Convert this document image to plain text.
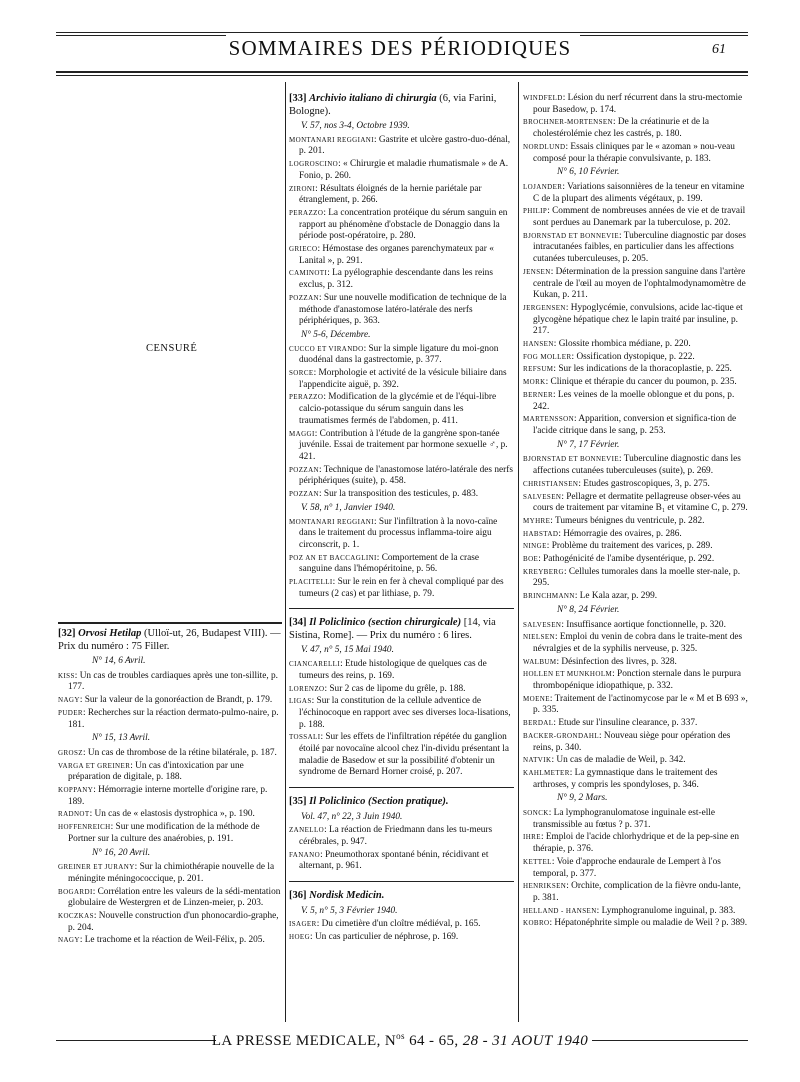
SOMMAIRES DES PÉRIODIQUES	61
CENSURÉ
[32] Orvosi Hetilap (Ulloï-ut, 26, Budapest VIII). — Prix du numéro : 75 Filler.
N° 14, 6 Avril.
KISS: Un cas de troubles cardiaques après une ton-sillite, p. 177.
NAGY: Sur la valeur de la gonoréaction de Brandt, p. 179.
PUDER: Recherches sur la réaction dermato-pulmo-naire, p. 181.
N° 15, 13 Avril.
GROSZ: Un cas de thrombose de la rétine bilatérale, p. 187.
VARGA ET GREINER: Un cas d'intoxication par une préparation de digitale, p. 188.
KOPPANY: Hémorragie interne mortelle d'origine rare, p. 189.
RADNOT: Un cas de « elastosis dystrophica », p. 190.
HOFFENREICH: Sur une modification de la méthode de Portner sur la culture des anaérobies, p. 191.
N° 16, 20 Avril.
GREINER ET JURANY: Sur la chimiothérapie nouvelle de la méningite méningococcique, p. 201.
BOGARDI: Corrélation entre les valeurs de la sédi-mentation globulaire de Westergren et de Linzen-meier, p. 203.
KOCZKAS: Nouvelle construction d'un phonocardio-graphe, p. 204.
NAGY: Le trachome et la réaction de Weil-Félix, p. 205.
[33] Archivio italiano di chirurgia (6, via Farini, Bologne).
V. 57, nos 3-4, Octobre 1939.
MONTANARI REGGIANI: Gastrite et ulcère gastro-duo-dénal, p. 201.
LOGROSCINO: « Chirurgie et maladie rhumatismale » de A. Fonio, p. 260.
ZIRONI: Résultats éloignés de la hernie pariétale par étranglement, p. 266.
PERAZZO: La concentration protéique du sérum sanguin en rapport au phénomène d'obstacle de Donaggio dans la période post-opératoire, p. 280.
GRIECO: Hémostase des organes parenchymateux par « Lanital », p. 291.
CAMINOTI: La pyélographie descendante dans les reins exclus, p. 312.
POZZAN: Sur une nouvelle modification de technique de la méthode d'anastomose latéro-latérale des nerfs périphériques, p. 363.
N° 5-6, Décembre.
CUCCO ET VIRANDO: Sur la simple ligature du moi-gnon duodénal dans la gastrectomie, p. 377.
SORCE: Morphologie et activité de la vésicule biliaire dans l'appendicite aiguë, p. 392.
PERAZZO: Modification de la glycémie et de l'équi-libre calcio-potassique du sérum sanguin dans les traumatismes fermés de l'abdomen, p. 411.
MAGGI: Contribution à l'étude de la gangrène spon-tanée juvénile. Essai de traitement par hormone sexuelle ♂, p. 421.
POZZAN: Technique de l'anastomose latéro-latérale des nerfs périphériques (suite), p. 458.
POZZAN: Sur la transposition des testicules, p. 483.
V. 58, n° 1, Janvier 1940.
MONTANARI REGGIANI: Sur l'infiltration à la novo-caïne dans le traitement du processus inflamma-toire aigu circonscrit, p. 1.
POZ AN ET BACCAGLINI: Comportement de la crase sanguine dans l'hémopéritoine, p. 56.
PLACITELLI: Sur le rein en fer à cheval compliqué par des tumeurs (2 cas) et par lithiase, p. 79.
[34] Il Policlinico (section chirurgicale) [14, via Sistina, Rome]. — Prix du numéro : 6 lires.
V. 47, n° 5, 15 Mai 1940.
CIANCARELLI: Etude histologique de quelques cas de tumeurs des reins, p. 169.
LORENZO: Sur 2 cas de lipome du grêle, p. 188.
LIGAS: Sur la constitution de la cellule adventice de l'échinocoque en rapport avec ses diverses loca-lisations, p. 188.
TOSSALI: Sur les effets de l'infiltration répétée du ganglion étoilé par novocaïne alcool chez l'in-dividu présentant la maladie de Basedow et sur la possibilité d'obtenir un syndrome de Bernard Horner croisé, p. 207.
[35] Il Policlinico (Section pratique).
Vol. 47, n° 22, 3 Juin 1940.
ZANELLO: La réaction de Friedmann dans les tu-meurs cérébrales, p. 947.
FANANO: Pneumothorax spontané bénin, récidivant et alternant, p. 961.
[36] Nordisk Medicin.
V. 5, n° 5, 3 Février 1940.
ISAGER: Du cimetière d'un cloître médiéval, p. 165.
HOEG: Un cas particulier de néphrose, p. 169.
WINDFELD: Lésion du nerf récurrent dans la stru-mectomie pour Basedow, p. 174.
BROCHNER-MORTENSEN: De la créatinurie et de la cholestérolémie chez les castrés, p. 180.
NORDLUND: Essais cliniques par le « azoman » nou-veau composé pour la thérapie convulsivante, p. 183.
N° 6, 10 Février.
LOJANDER: Variations saisonnières de la teneur en vitamine C de la plupart des aliments végétaux, p. 199.
PHILIP: Comment de nombreuses années de vie et de travail sont perdues au Danemark par la tuberculose, p. 202.
BJORNSTAD ET BONNEVIE: Tuberculine diagnostic par doses intracutanées faibles, en particulier dans les affections cutanées tuberculeuses, p. 205.
JENSEN: Détermination de la pression sanguine dans l'artère centrale de l'œil au moyen de l'ophtalmodynamomètre de Kukan, p. 211.
JERGENSEN: Hypoglycémie, convulsions, acide lac-tique et glycogène hépatique chez le lapin traité par insuline, p. 217.
HANSEN: Glossite rhombica médiane, p. 220.
FOG MOLLER: Ossification dystopique, p. 222.
REFSUM: Sur les indications de la thoracoplastie, p. 225.
MORK: Clinique et thérapie du cancer du poumon, p. 235.
BERNER: Les veines de la moelle oblongue et du pons, p. 242.
MARTENSSON: Apparition, conversion et significa-tion de l'acide citrique dans le sang, p. 253.
N° 7, 17 Février.
BJORNSTAD ET BONNEVIE: Tuberculine diagnostic dans les affections cutanées tuberculeuses (suite), p. 269.
CHRISTIANSEN: Etudes gastroscopiques, 3, p. 275.
SALVESEN: Pellagre et dermatite pellagreuse obser-vées au cours de traitement par vitamine B₁ et vitamine C, p. 279.
MYHRE: Tumeurs bénignes du ventricule, p. 282.
HABSTAD: Hémorragie des ovaires, p. 286.
NINGE: Problème du traitement des varices, p. 289.
BOE: Pathogénicité de l'amibe dysentérique, p. 292.
KREYBERG: Cellules tumorales dans la moelle ster-nale, p. 295.
BRINCHMANN: Le Kala azar, p. 299.
N° 8, 24 Février.
SALVESEN: Insuffisance aortique fonctionnelle, p. 320.
NIELSEN: Emploi du venin de cobra dans le traite-ment des névralgies et de la syphilis nerveuse, p. 325.
WALBUM: Désinfection des livres, p. 328.
HOLLEN ET MUNKHOLM: Ponction sternale dans le purpura thrombopénique idiopathique, p. 332.
MOENE: Traitement de l'actinomycose par le « M et B 693 », p. 335.
BERDAL: Etude sur l'insuline clearance, p. 337.
BACKER-GRONDAHL: Nouveau siège pour opération des reins, p. 340.
NATVIK: Un cas de maladie de Weil, p. 342.
KAHLMETER: La gymnastique dans le traitement des arthroses, y compris les spondyloses, p. 346.
N° 9, 2 Mars.
SONCK: La lymphogranulomatose inguinale est-elle transmissible au fœtus ? p. 371.
IHRE: Emploi de l'acide chlorhydrique et de la pep-sine en thérapie, p. 376.
KETTEL: Voie d'approche endaurale de Lempert à l'os temporal, p. 377.
HENRIKSEN: Orchite, complication de la fièvre ondu-lante, p. 381.
HELLAND - HANSEN: Lymphogranulome inguinal, p. 383.
KOBRO: Hépatonéphrite simple ou maladie de Weil ? p. 389.
LA PRESSE MEDICALE, $N^{os}$ 64 - 65, 28 - 31 AOUT 1940
